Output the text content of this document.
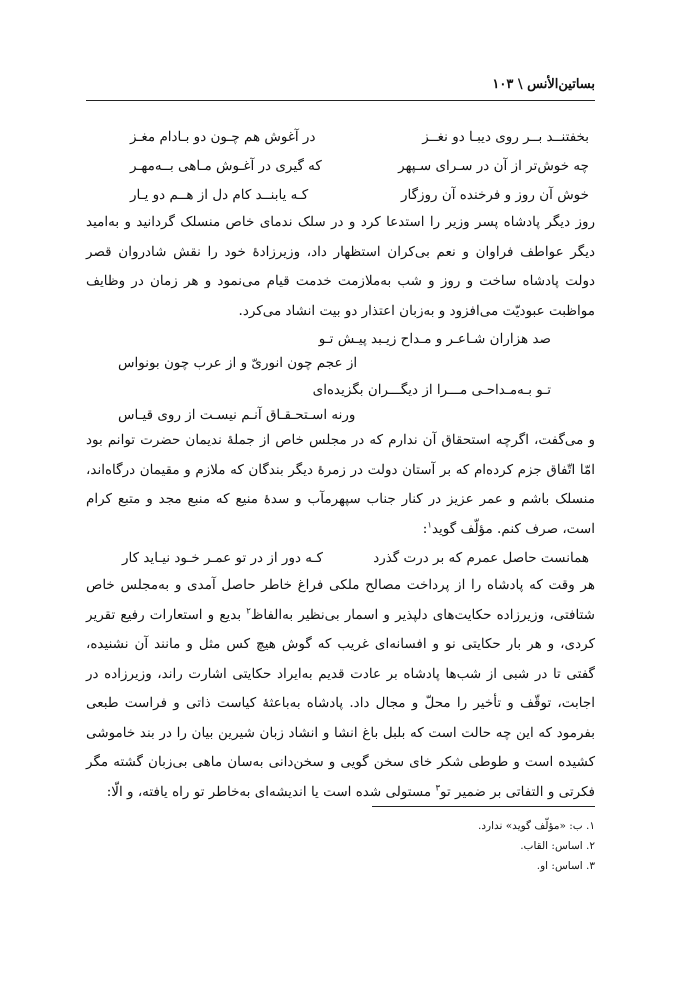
بساتین‌الأنس \ ۱۰۳
بخفتنــد بــر روی دیبـا دو نغــز
در آغوش هم چـون دو بـادام مغـز
چه خوش‌تر از آن در سـرای سـپهر
که گیری در آغـوش مـاهی بــه‌مهـر
خوش آن روز و فرخنده آن روزگار
کـه یابنــد کام دل از هــم دو یـار

روز دیگر پادشاه پسر وزیر را استدعا کرد و در سلک ندمای خاص منسلک گردانید و به‌امید دیگر عواطف فراوان و نعم بی‌کران استظهار داد، وزیرزادهٔ خود را نقش شادروان قصر دولت پادشاه ساخت و روز و شب به‌ملازمت خدمت قیام می‌نمود و هر زمان در وظایف مواظبت عبودیّت می‌افزود و به‌زبان اعتذار دو بیت انشاد می‌کرد.

صد هزاران شـاعـر و مـداح زیـبد پیـش تـو
از عجم چون انوریّ و از عرب چون بونواس
تـو بـه‌مـداحـی مـــرا از دیگـــران بگزیده‌ای
ورنه اسـتحـقـاق آنـم نیسـت از روی قیـاس

و می‌گفت، اگرچه استحقاق آن ندارم که در مجلس خاص از جملهٔ ندیمان حضرت توانم بود امّا اتّفاق جزم کرده‌ام که بر آستان دولت در زمرهٔ دیگر بندگان که ملازم و مقیمان درگاه‌اند، منسلک باشم و عمر عزیز در کنار جناب سپهرمآب و سدهٔ منیع که منبع مجد و متبع کرام است، صرف کنم. مؤلّف گوید$^۱$:

همانست حاصل عمرم که بر درت گذرد
کـه دور از در تو عمـر خـود نیـاید کار

هر وقت که پادشاه را از پرداخت مصالح ملکی فراغ خاطر حاصل آمدی و به‌مجلس خاص شتافتی، وزیرزاده حکایت‌های دلپذیر و اسمار بی‌نظیر به‌الفاظ$^۲$ بدیع و استعارات رفیع تقریر کردی، و هر بار حکایتی نو و افسانه‌ای غریب که گوش هیچ کس مثل و مانند آن نشنیده، گفتی تا در شبی از شب‌ها پادشاه بر عادت قدیم به‌ایراد حکایتی اشارت راند، وزیرزاده در اجابت، توقّف و تأخیر را محلّ و مجال داد. پادشاه به‌باعثهٔ کیاست ذاتی و فراست طبعی بفرمود که این چه حالت است که بلبل باغ انشا و انشاد زبان شیرین بیان را در بند خاموشی کشیده است و طوطی شکر خای سخن گویی و سخن‌دانی به‌سان ماهی بی‌زبان گشته مگر فکرتی و التفاتی بر ضمیر تو$^۳$ مستولی شده است یا اندیشه‌ای به‌خاطر تو راه یافته، و الّا:

۱. ب: «مؤلّف گوید» ندارد.
۲. اساس: القاب.
۳. اساس: او.
